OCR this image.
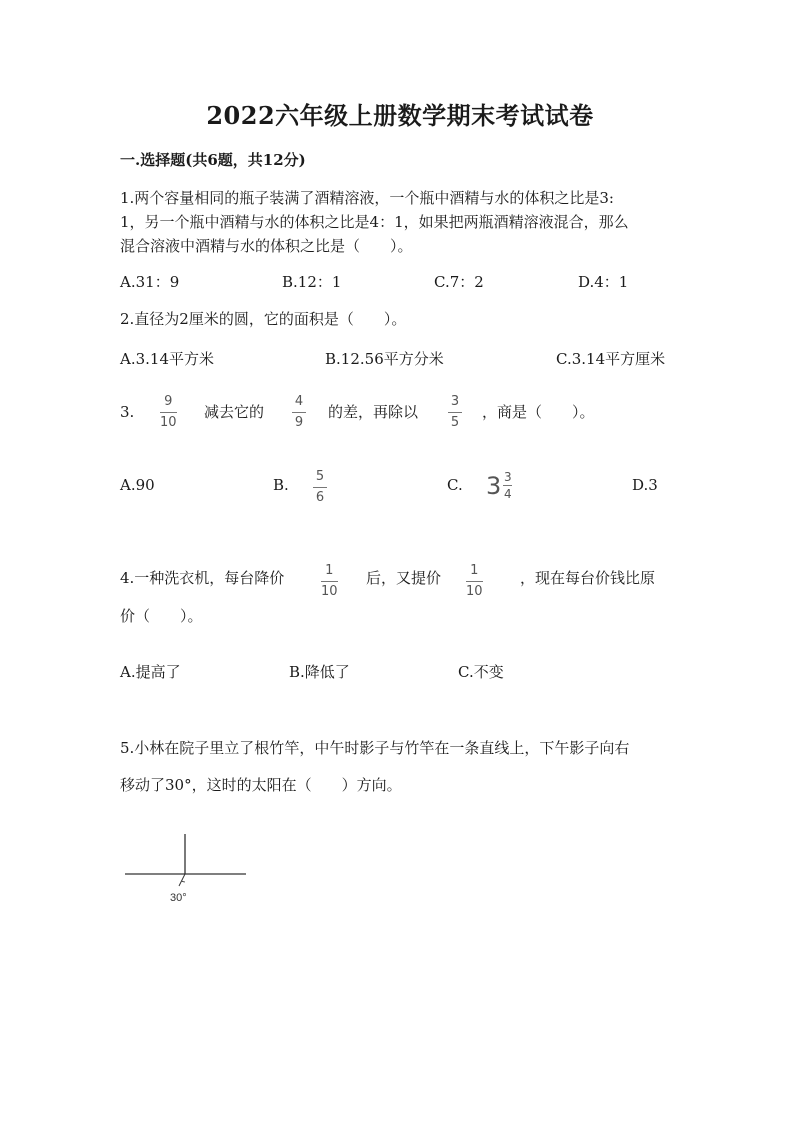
2022六年级上册数学期末考试试卷
一.选择题(共6题，共12分)
1.两个容量相同的瓶子装满了酒精溶液，一个瓶中酒精与水的体积之比是3:
1，另一个瓶中酒精与水的体积之比是4：1，如果把两瓶酒精溶液混合，那么
混合溶液中酒精与水的体积之比是（　　）。
A.31：9	B.12：1	C.7：2	D.4：1
2.直径为2厘米的圆，它的面积是（　　）。
A.3.14平方米	B.12.56平方分米	C.3.14平方厘米
3.
9
10
减去它的
4
9
的差，再除以
3
5
，商是（　　）。
A.90	B. 5
6
C. 3 3
4	D.3
4.一种洗衣机，每台降价	1
10
后，又提价 1
10
，现在每台价钱比原
价（　　）。
A.提高了	B.降低了	C.不变
5.小林在院子里立了根竹竿，中午时影子与竹竿在一条直线上，下午影子向右
移动了30°，这时的太阳在（　　）方向。
30°
